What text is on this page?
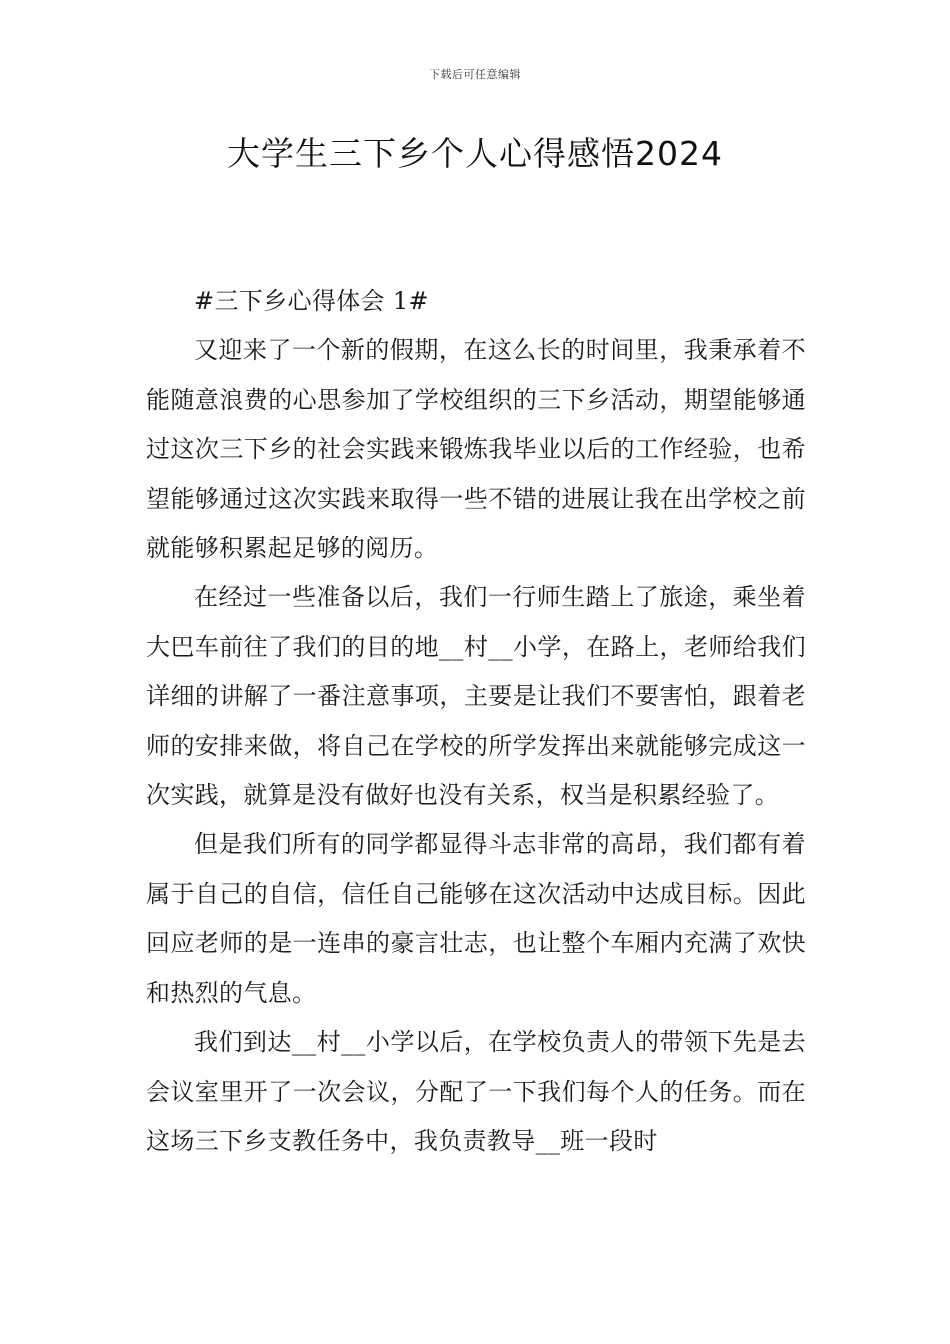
下载后可任意编辑
大学生三下乡个人心得感悟2024

#三下乡心得体会 1#

又迎来了一个新的假期，在这么长的时间里，我秉承着不能随意浪费的心思参加了学校组织的三下乡活动，期望能够通过这次三下乡的社会实践来锻炼我毕业以后的工作经验，也希望能够通过这次实践来取得一些不错的进展让我在出学校之前就能够积累起足够的阅历。

在经过一些准备以后，我们一行师生踏上了旅途，乘坐着大巴车前往了我们的目的地__村__小学，在路上，老师给我们详细的讲解了一番注意事项，主要是让我们不要害怕，跟着老师的安排来做，将自己在学校的所学发挥出来就能够完成这一次实践，就算是没有做好也没有关系，权当是积累经验了。

但是我们所有的同学都显得斗志非常的高昂，我们都有着属于自己的自信，信任自己能够在这次活动中达成目标。因此回应老师的是一连串的豪言壮志，也让整个车厢内充满了欢快和热烈的气息。

我们到达__村__小学以后，在学校负责人的带领下先是去会议室里开了一次会议，分配了一下我们每个人的任务。而在这场三下乡支教任务中，我负责教导__班一段时
